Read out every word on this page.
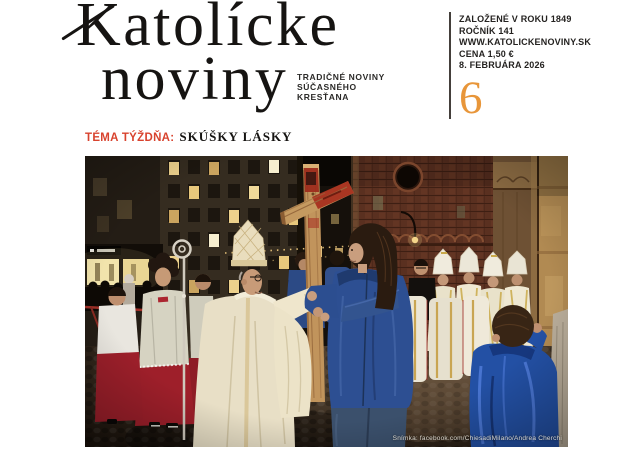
Katolícke
noviny TRADIČNÉ NOVINY
SÚČASNÉHO
KRESŤANA
ZALOŽENÉ V ROKU 1849
ROČNÍK 141
WWW.KATOLICKENOVINY.SK
CENA 1,50 €
8. FEBRUÁRA 2026
6
TÉMA TÝŽDŇA: SKÚŠKY LÁSKY
Snímka: facebook.com/ChiesadiMilano/Andrea Cherchi
